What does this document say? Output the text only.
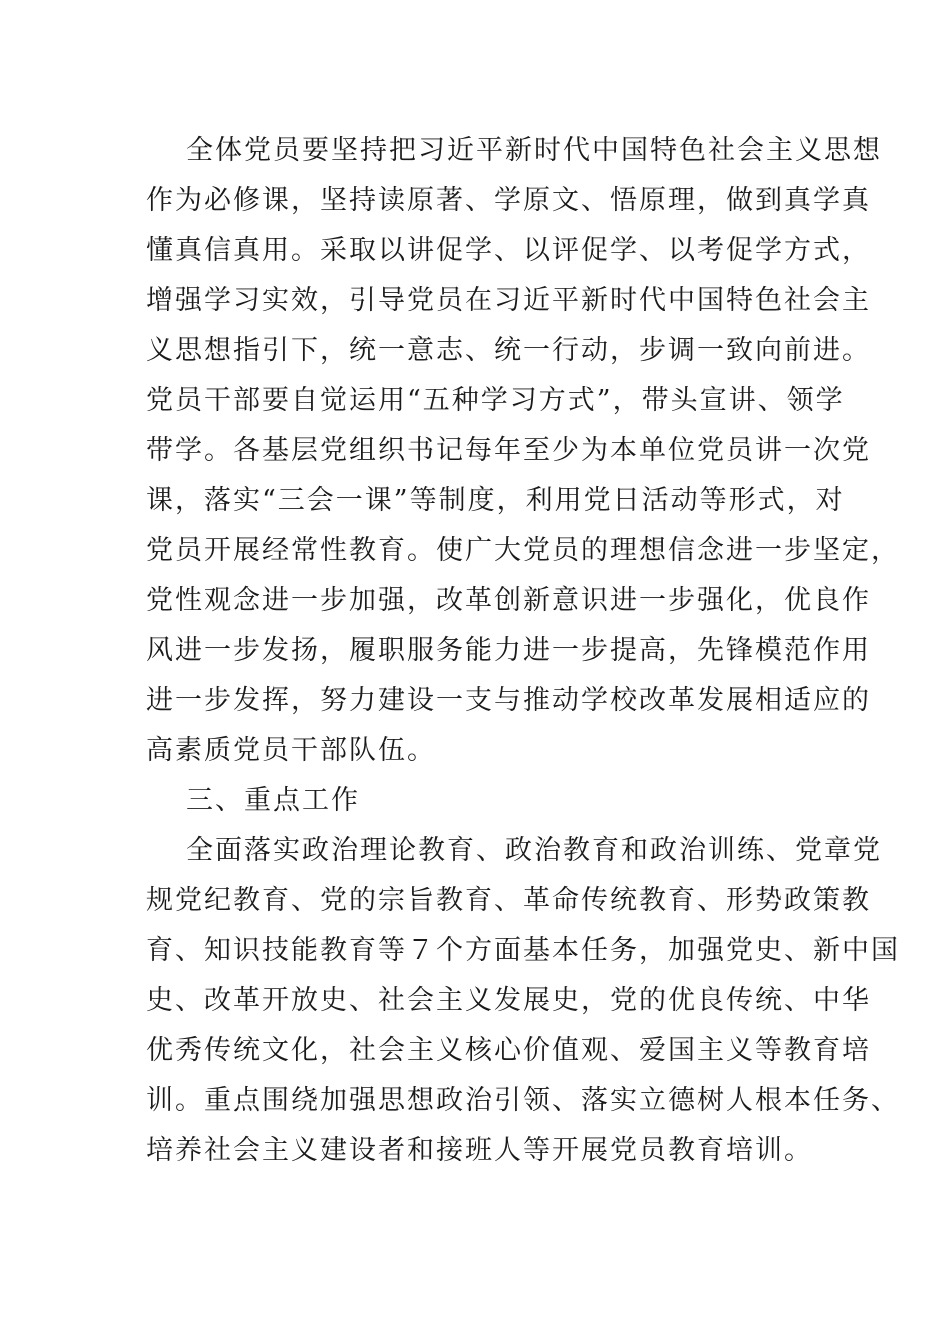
全体党员要坚持把习近平新时代中国特色社会主义思想
作为必修课，坚持读原著、学原文、悟原理，做到真学真
懂真信真用。采取以讲促学、以评促学、以考促学方式，
增强学习实效，引导党员在习近平新时代中国特色社会主
义思想指引下，统一意志、统一行动，步调一致向前进。
党员干部要自觉运用“五种学习方式”，带头宣讲、领学
带学。各基层党组织书记每年至少为本单位党员讲一次党
课，落实“三会一课”等制度，利用党日活动等形式，对
党员开展经常性教育。使广大党员的理想信念进一步坚定，
党性观念进一步加强，改革创新意识进一步强化，优良作
风进一步发扬，履职服务能力进一步提高，先锋模范作用
进一步发挥，努力建设一支与推动学校改革发展相适应的
高素质党员干部队伍。
三、重点工作
全面落实政治理论教育、政治教育和政治训练、党章党
规党纪教育、党的宗旨教育、革命传统教育、形势政策教
育、知识技能教育等７个方面基本任务，加强党史、新中国
史、改革开放史、社会主义发展史，党的优良传统、中华
优秀传统文化，社会主义核心价值观、爱国主义等教育培
训。重点围绕加强思想政治引领、落实立德树人根本任务、
培养社会主义建设者和接班人等开展党员教育培训。
